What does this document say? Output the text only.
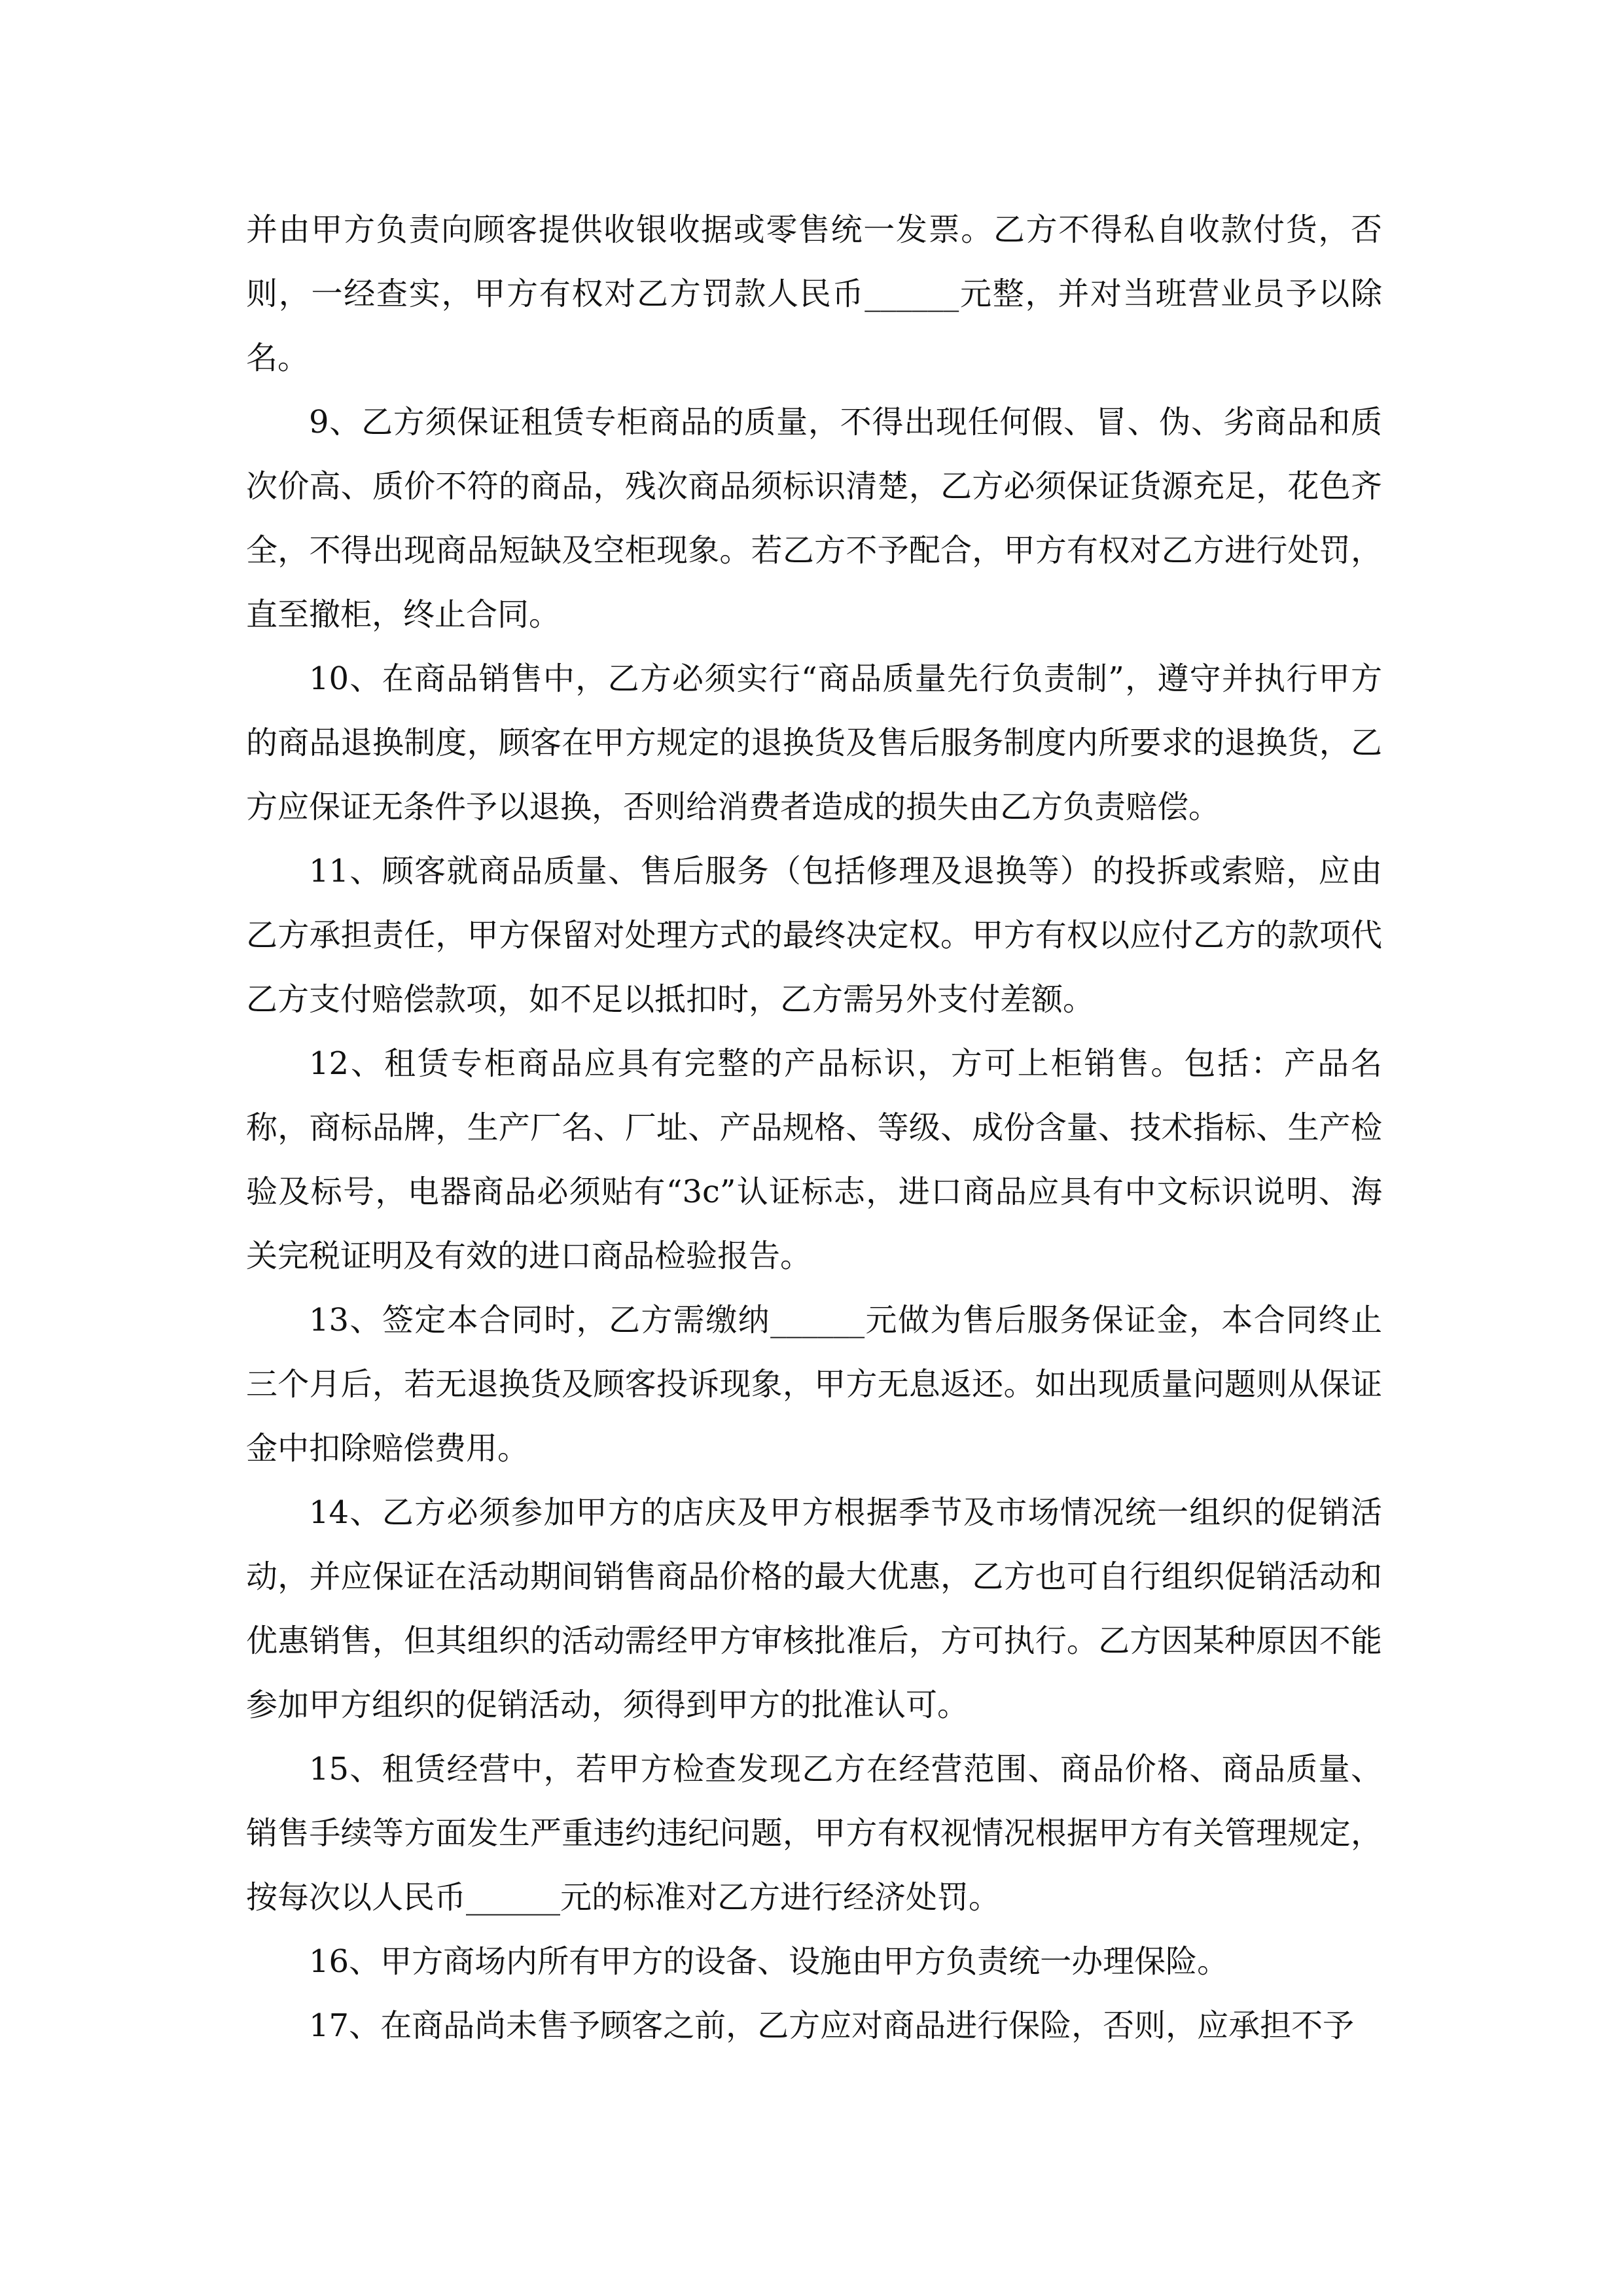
并由甲方负责向顾客提供收银收据或零售统一发票。乙方不得私自收款付货，否则，一经查实，甲方有权对乙方罚款人民币______元整，并对当班营业员予以除名。

9、乙方须保证租赁专柜商品的质量，不得出现任何假、冒、伪、劣商品和质次价高、质价不符的商品，残次商品须标识清楚，乙方必须保证货源充足，花色齐全，不得出现商品短缺及空柜现象。若乙方不予配合，甲方有权对乙方进行处罚，直至撤柜，终止合同。

10、在商品销售中，乙方必须实行“商品质量先行负责制”，遵守并执行甲方的商品退换制度，顾客在甲方规定的退换货及售后服务制度内所要求的退换货，乙方应保证无条件予以退换，否则给消费者造成的损失由乙方负责赔偿。

11、顾客就商品质量、售后服务（包括修理及退换等）的投拆或索赔，应由乙方承担责任，甲方保留对处理方式的最终决定权。甲方有权以应付乙方的款项代乙方支付赔偿款项，如不足以抵扣时，乙方需另外支付差额。

12、租赁专柜商品应具有完整的产品标识，方可上柜销售。包括：产品名称，商标品牌，生产厂名、厂址、产品规格、等级、成份含量、技术指标、生产检验及标号，电器商品必须贴有“3c”认证标志，进口商品应具有中文标识说明、海关完税证明及有效的进口商品检验报告。

13、签定本合同时，乙方需缴纳______元做为售后服务保证金，本合同终止三个月后，若无退换货及顾客投诉现象，甲方无息返还。如出现质量问题则从保证金中扣除赔偿费用。

14、乙方必须参加甲方的店庆及甲方根据季节及市场情况统一组织的促销活动，并应保证在活动期间销售商品价格的最大优惠，乙方也可自行组织促销活动和优惠销售，但其组织的活动需经甲方审核批准后，方可执行。乙方因某种原因不能参加甲方组织的促销活动，须得到甲方的批准认可。

15、租赁经营中，若甲方检查发现乙方在经营范围、商品价格、商品质量、销售手续等方面发生严重违约违纪问题，甲方有权视情况根据甲方有关管理规定，按每次以人民币______元的标准对乙方进行经济处罚。

16、甲方商场内所有甲方的设备、设施由甲方负责统一办理保险。

17、在商品尚未售予顾客之前，乙方应对商品进行保险，否则，应承担不予
